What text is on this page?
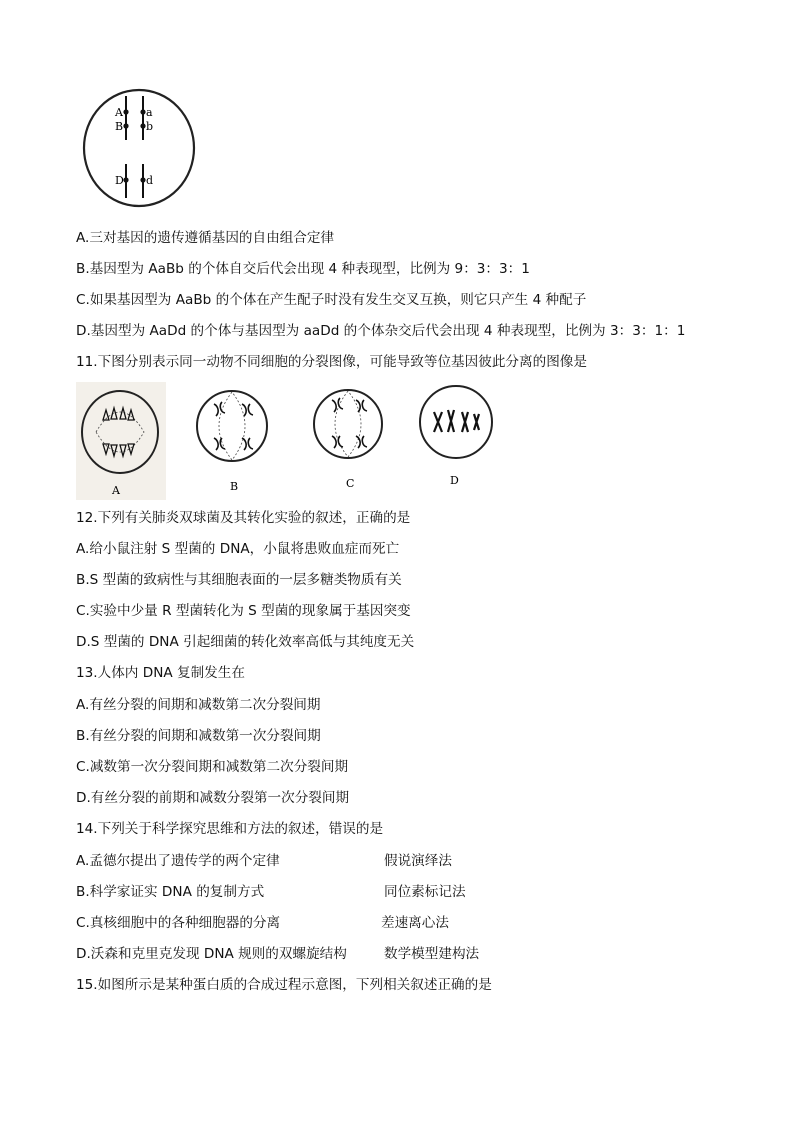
A a
B b
D d
A.三对基因的遗传遵循基因的自由组合定律
B.基因型为 AaBb 的个体自交后代会出现 4 种表现型，比例为 9：3：3：1
C.如果基因型为 AaBb 的个体在产生配子时没有发生交叉互换，则它只产生 4 种配子
D.基因型为 AaDd 的个体与基因型为 aaDd 的个体杂交后代会出现 4 种表现型，比例为 3：3：1：1
11.下图分别表示同一动物不同细胞的分裂图像，可能导致等位基因彼此分离的图像是
A	B	C	D
12.下列有关肺炎双球菌及其转化实验的叙述，正确的是
A.给小鼠注射 S 型菌的 DNA，小鼠将患败血症而死亡
B.S 型菌的致病性与其细胞表面的一层多糖类物质有关
C.实验中少量 R 型菌转化为 S 型菌的现象属于基因突变
D.S 型菌的 DNA 引起细菌的转化效率高低与其纯度无关
13.人体内 DNA 复制发生在
A.有丝分裂的间期和减数第二次分裂间期
B.有丝分裂的间期和减数第一次分裂间期
C.减数第一次分裂间期和减数第二次分裂间期
D.有丝分裂的前期和减数分裂第一次分裂间期
14.下列关于科学探究思维和方法的叙述，错误的是
A.孟德尔提出了遗传学的两个定律	假说演绎法
B.科学家证实 DNA 的复制方式	同位素标记法
C.真核细胞中的各种细胞器的分离	差速离心法
D.沃森和克里克发现 DNA 规则的双螺旋结构	数学模型建构法
15.如图所示是某种蛋白质的合成过程示意图，下列相关叙述正确的是
